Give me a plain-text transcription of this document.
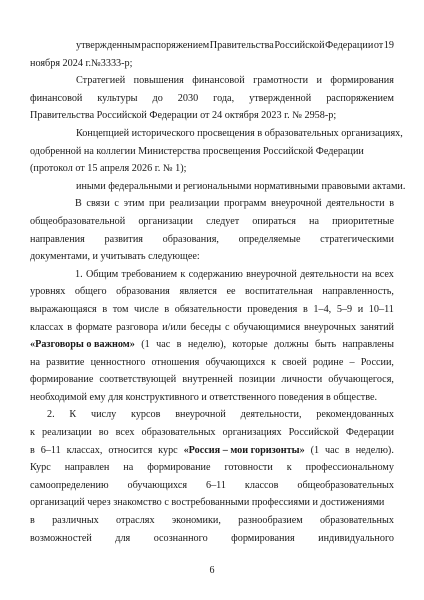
утвержденным распоряжением Правительства Российской Федерации от 19
ноября 2024 г.№3333-р;
Стратегией повышения финансовой грамотности и формирования
финансовой культуры до 2030 года, утвержденной распоряжением
Правительства Российской Федерации от 24 октября 2023 г. № 2958-р;
Концепцией исторического просвещения в образовательных организациях,
одобренной на коллегии Министерства просвещения Российской Федерации
(протокол от 15 апреля 2026 г. № 1);
иными федеральными и региональными нормативными правовыми актами.
В связи с этим при реализации программ внеурочной деятельности в
общеобразовательной организации следует опираться на приоритетные
направления развития образования, определяемые стратегическими
документами, и учитывать следующее:
1. Общим требованием к содержанию внеурочной деятельности на всех
уровнях общего образования является ее воспитательная направленность,
выражающаяся в том числе в обязательности проведения в 1–4, 5–9 и 10–11
классах в формате разговора и/или беседы с обучающимися внеурочных занятий
«Разговоры о важном» (1 час в неделю), которые должны быть направлены
на развитие ценностного отношения обучающихся к своей родине – России,
формирование соответствующей внутренней позиции личности обучающегося,
необходимой ему для конструктивного и ответственного поведения в обществе.
2. К числу курсов внеурочной деятельности, рекомендованных
к реализации во всех образовательных организациях Российской Федерации
в 6–11 классах, относится курс «Россия – мои горизонты» (1 час в неделю).
Курс направлен на формирование готовности к профессиональному
самоопределению обучающихся 6–11 классов общеобразовательных
организаций через знакомство с востребованными профессиями и достижениями
в различных отраслях экономики, разнообразием образовательных
возможностей для осознанного формирования индивидуального
6
